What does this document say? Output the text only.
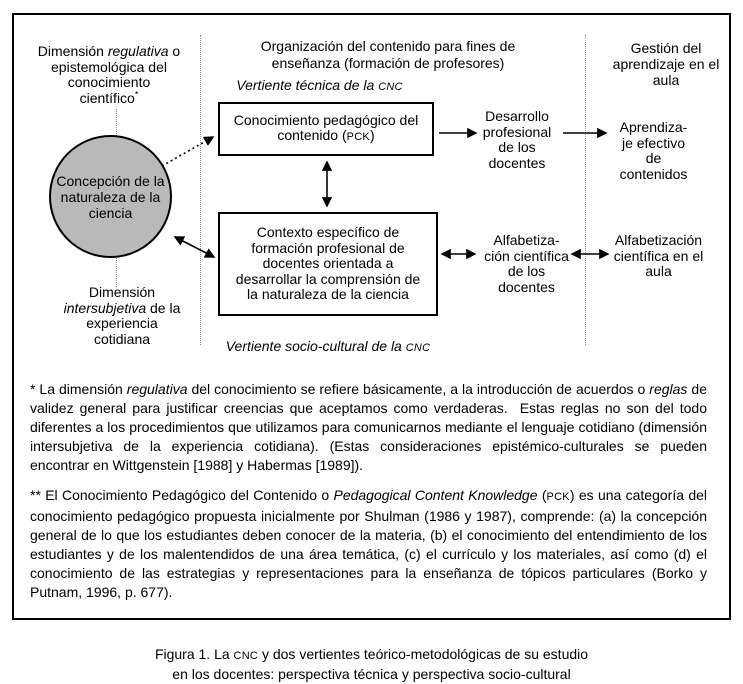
Dimensión regulativa o
epistemológica del
conocimiento
científico*
Concepción de la
naturaleza de la
ciencia
Dimensión
intersubjetiva de la
experiencia
cotidiana
Organización del contenido para fines de
enseñanza (formación de profesores)
Vertiente técnica de la CNC
Conocimiento pedagógico del
contenido (PCK)
Contexto específico de
formación profesional de
docentes orientada a
desarrollar la comprensión de
la naturaleza de la ciencia
Vertiente socio-cultural de la CNC
Desarrollo
profesional
de los
docentes
Alfabetiza-
ción científica
de los
docentes
Gestión del
aprendizaje en el
aula
Aprendiza-
je efectivo
de
contenidos
Alfabetización
científica en el
aula

* La dimensión regulativa del conocimiento se refiere básicamente, a la introducción de acuerdos o reglas de validez general para justificar creencias que aceptamos como verdaderas.  Estas reglas no son del todo diferentes a los procedimientos que utilizamos para comunicarnos mediante el lenguaje cotidiano (dimensión intersubjetiva de la experiencia cotidiana). (Estas consideraciones epistémico-culturales se pueden encontrar en Wittgenstein [1988] y Habermas [1989]).

** El Conocimiento Pedagógico del Contenido o Pedagogical Content Knowledge (PCK) es una categoría del conocimiento pedagógico propuesta inicialmente por Shulman (1986 y 1987), comprende: (a) la concepción general de lo que los estudiantes deben conocer de la materia, (b) el conocimiento del entendimiento de los estudiantes y de los malentendidos de una área temática, (c) el currículo y los materiales, así como (d) el conocimiento de las estrategias y representaciones para la enseñanza de tópicos particulares (Borko y Putnam, 1996, p. 677).

Figura 1. La CNC y dos vertientes teórico-metodológicas de su estudio
en los docentes: perspectiva técnica y perspectiva socio-cultural
